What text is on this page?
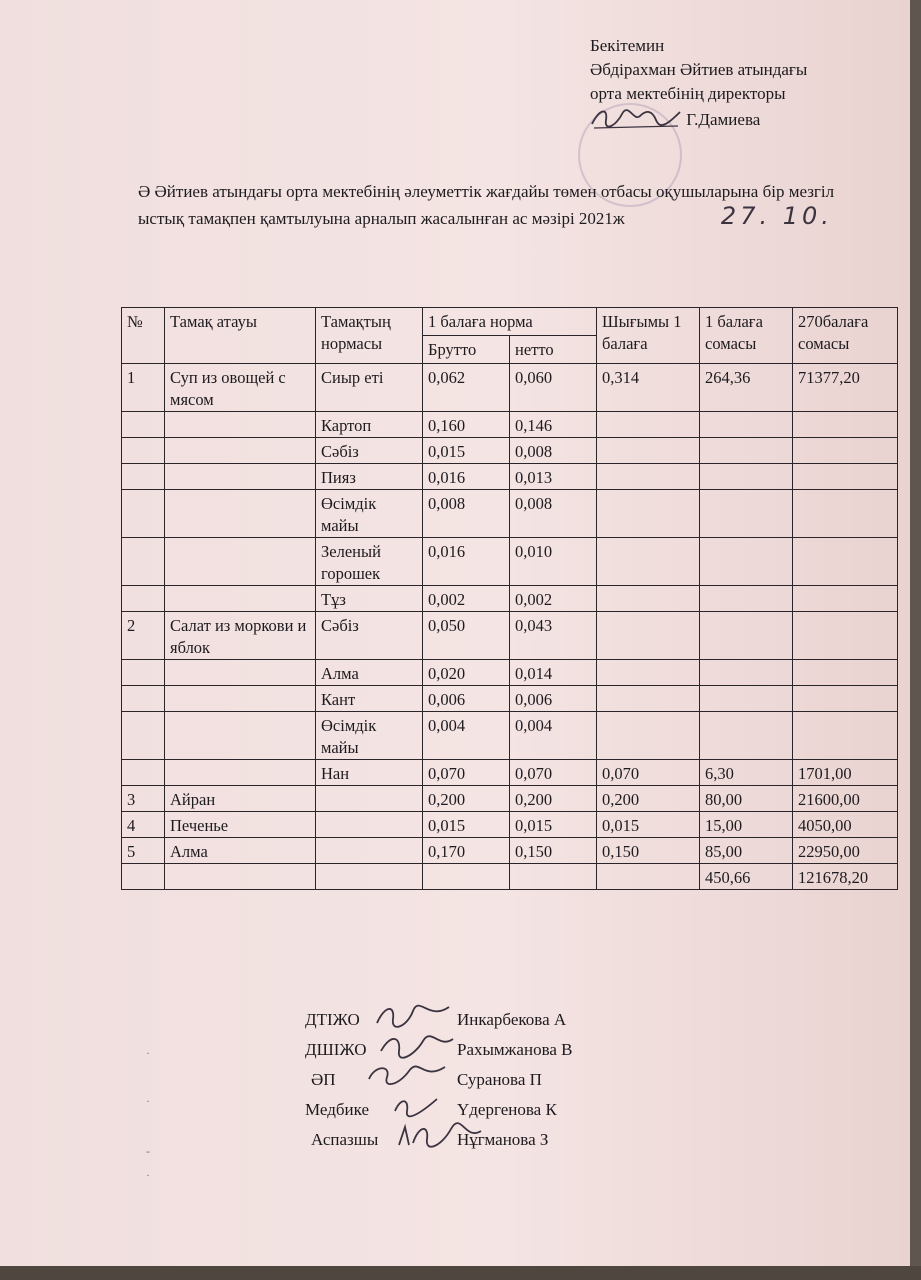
Бекітемин
Әбдірахман Әйтиев атындағы
орта мектебінің директоры
Г.Дамиева
Ә Әйтиев атындағы орта мектебінің әлеуметтік жағдайы төмен отбасы оқушыларына бір мезгіл ыстық тамақпен қамтылуына арналып жасалынған ас мәзірі 2021ж	27. 10.
№	Тамақ атауы	Тамақтың нормасы	1 балаға норма		Шығымы 1 балаға	1 балаға сомасы	270балаға сомасы
			Брутто	нетто			
1	Суп из овощей с мясом	Сиыр еті	0,062	0,060	0,314	264,36	71377,20
		Картоп	0,160	0,146			
		Сәбіз	0,015	0,008			
		Пияз	0,016	0,013			
		Өсімдік майы	0,008	0,008			
		Зеленый горошек	0,016	0,010			
		Тұз	0,002	0,002			
2	Салат из моркови и яблок	Сәбіз	0,050	0,043			
		Алма	0,020	0,014			
		Кант	0,006	0,006			
		Өсімдік майы	0,004	0,004			
		Нан	0,070	0,070	0,070	6,30	1701,00
3	Айран		0,200	0,200	0,200	80,00	21600,00
4	Печенье		0,015	0,015	0,015	15,00	4050,00
5	Алма		0,170	0,150	0,150	85,00	22950,00
						450,66	121678,20
ДТІЖО	Инкарбекова А
ДШІЖО	Рахымжанова В
ӘП	Суранова П
Медбике	Үдергенова К
Аспазшы	Нұгманова З
·
·
-
·
